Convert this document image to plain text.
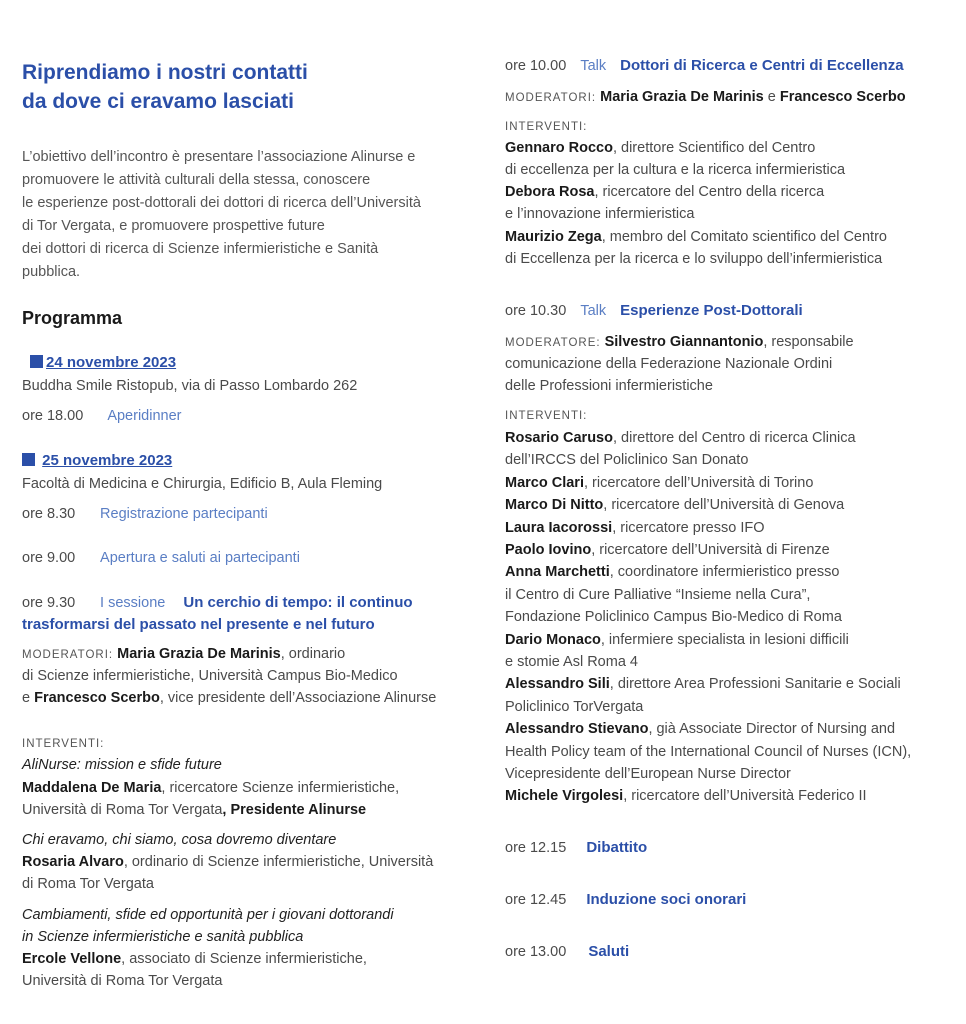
Riprendiamo i nostri contatti
da dove ci eravamo lasciati

L’obiettivo dell’incontro è presentare l’associazione Alinurse e
promuovere le attività culturali della stessa, conoscere
le esperienze post-dottorali dei dottori di ricerca dell’Università
di Tor Vergata, e promuovere prospettive future
dei dottori di ricerca di Scienze infermieristiche e Sanità
pubblica.

Programma
24 novembre 2023
Buddha Smile Ristopub, via di Passo Lombardo 262
ore 18.00 Aperidinner
25 novembre 2023
Facoltà di Medicina e Chirurgia, Edificio B, Aula Fleming
ore 8.30 Registrazione partecipanti
ore 9.00 Apertura e saluti ai partecipanti
ore 9.30 I sessione Un cerchio di tempo: il continuo
trasformarsi del passato nel presente e nel futuro
MODERATORI: Maria Grazia De Marinis, ordinario
di Scienze infermieristiche, Università Campus Bio-Medico
e Francesco Scerbo, vice presidente dell’Associazione Alinurse
INTERVENTI:
AliNurse: mission e sfide future
Maddalena De Maria, ricercatore Scienze infermieristiche,
Università di Roma Tor Vergata, Presidente Alinurse
Chi eravamo, chi siamo, cosa dovremo diventare
Rosaria Alvaro, ordinario di Scienze infermieristiche, Università
di Roma Tor Vergata
Cambiamenti, sfide ed opportunità per i giovani dottorandi
in Scienze infermieristiche e sanità pubblica
Ercole Vellone, associato di Scienze infermieristiche,
Università di Roma Tor Vergata
ore 10.00 Talk Dottori di Ricerca e Centri di Eccellenza
MODERATORI: Maria Grazia De Marinis e Francesco Scerbo
INTERVENTI:
Gennaro Rocco, direttore Scientifico del Centro
di eccellenza per la cultura e la ricerca infermieristica
Debora Rosa, ricercatore del Centro della ricerca
e l’innovazione infermieristica
Maurizio Zega, membro del Comitato scientifico del Centro
di Eccellenza per la ricerca e lo sviluppo dell’infermieristica
ore 10.30 Talk Esperienze Post-Dottorali
MODERATORE: Silvestro Giannantonio, responsabile
comunicazione della Federazione Nazionale Ordini
delle Professioni infermieristiche
INTERVENTI:
Rosario Caruso, direttore del Centro di ricerca Clinica
dell’IRCCS del Policlinico San Donato
Marco Clari, ricercatore dell’Università di Torino
Marco Di Nitto, ricercatore dell’Università di Genova
Laura Iacorossi, ricercatore presso IFO
Paolo Iovino, ricercatore dell’Università di Firenze
Anna Marchetti, coordinatore infermieristico presso
il Centro di Cure Palliative “Insieme nella Cura”,
Fondazione Policlinico Campus Bio-Medico di Roma
Dario Monaco, infermiere specialista in lesioni difficili
e stomie Asl Roma 4
Alessandro Sili, direttore Area Professioni Sanitarie e Sociali
Policlinico TorVergata
Alessandro Stievano, già Associate Director of Nursing and
Health Policy team of the International Council of Nurses (ICN),
Vicepresidente dell’European Nurse Director
Michele Virgolesi, ricercatore dell’Università Federico II
ore 12.15 Dibattito
ore 12.45 Induzione soci onorari
ore 13.00 Saluti
